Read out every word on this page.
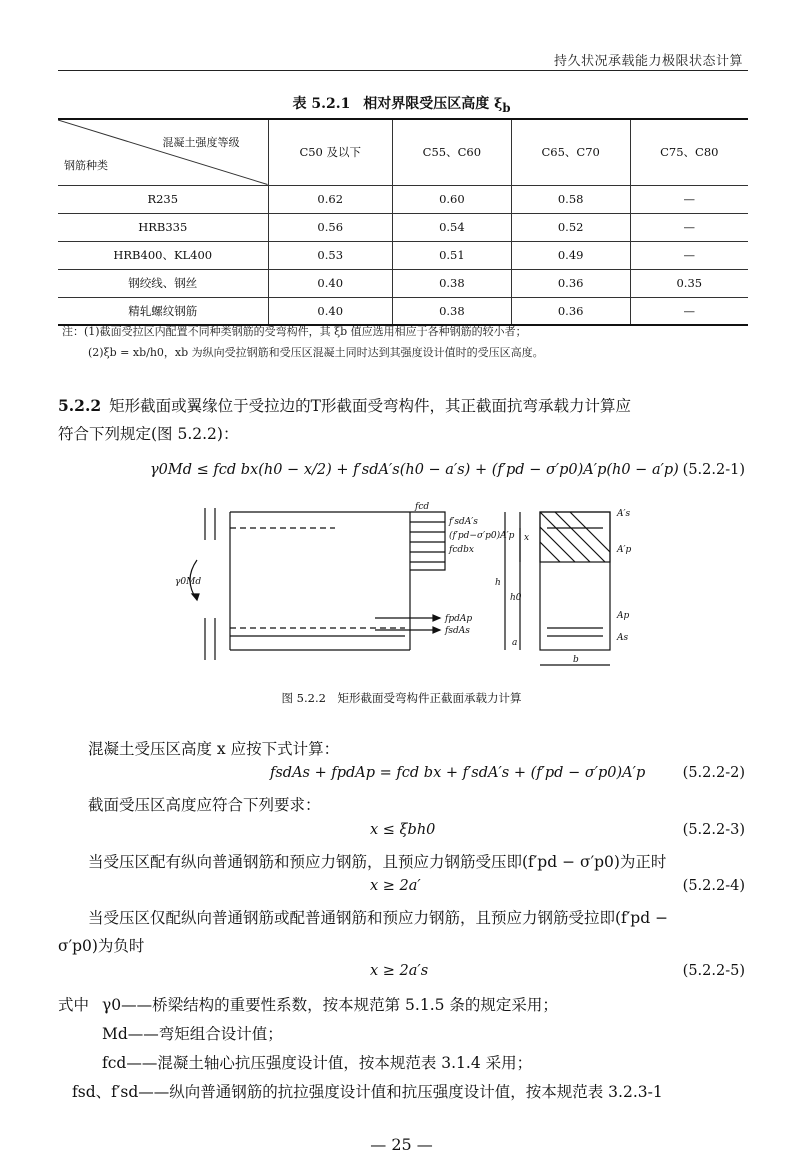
持久状况承载能力极限状态计算
表 5.2.1 相对界限受压区高度 $\xi_b$
混凝土强度等级
钢筋种类	C50 及以下	C55、C60	C65、C70	C75、C80
R235	0.62	0.60	0.58	—
HRB335	0.56	0.54	0.52	—
HRB400、KL400	0.53	0.51	0.49	—
钢绞线、钢丝	0.40	0.38	0.36	0.35
精轧螺纹钢筋	0.40	0.38	0.36	—
注：(1)截面受拉区内配置不同种类钢筋的受弯构件，其 ξb 值应选用相应于各种钢筋的较小者；
(2)ξb = xb/h0，xb 为纵向受拉钢筋和受压区混凝土同时达到其强度设计值时的受压区高度。
5.2.2 矩形截面或翼缘位于受拉边的T形截面受弯构件，其正截面抗弯承载力计算应
符合下列规定(图 5.2.2)：
γ0Md ≤ fcd bx(h0 − x/2) + f′sdA′s(h0 − a′s) + (f′pd − σ′p0)A′p(h0 − a′p) (5.2.2-1)
fcd
f′sdA′s
(f′pd−σ′p0)A′p
fcdbx
fpdAp
fsdAs
γ0Md
A′s
A′p
Ap
As
x
h
h0
a
b
图 5.2.2　矩形截面受弯构件正截面承载力计算
混凝土受压区高度 x 应按下式计算：
fsdAs + fpdAp = fcd bx + f′sdA′s + (f′pd − σ′p0)A′p	(5.2.2-2)
截面受压区高度应符合下列要求：
x ≤ ξbh0	(5.2.2-3)
当受压区配有纵向普通钢筋和预应力钢筋，且预应力钢筋受压即(f′pd − σ′p0)为正时
x ≥ 2a′	(5.2.2-4)
当受压区仅配纵向普通钢筋或配普通钢筋和预应力钢筋，且预应力钢筋受拉即(f′pd −
σ′p0)为负时
x ≥ 2a′s	(5.2.2-5)
式中 γ0——桥梁结构的重要性系数，按本规范第 5.1.5 条的规定采用；
Md——弯矩组合设计值；
fcd——混凝土轴心抗压强度设计值，按本规范表 3.1.4 采用；
fsd、f′sd——纵向普通钢筋的抗拉强度设计值和抗压强度设计值，按本规范表 3.2.3-1
— 25 —
